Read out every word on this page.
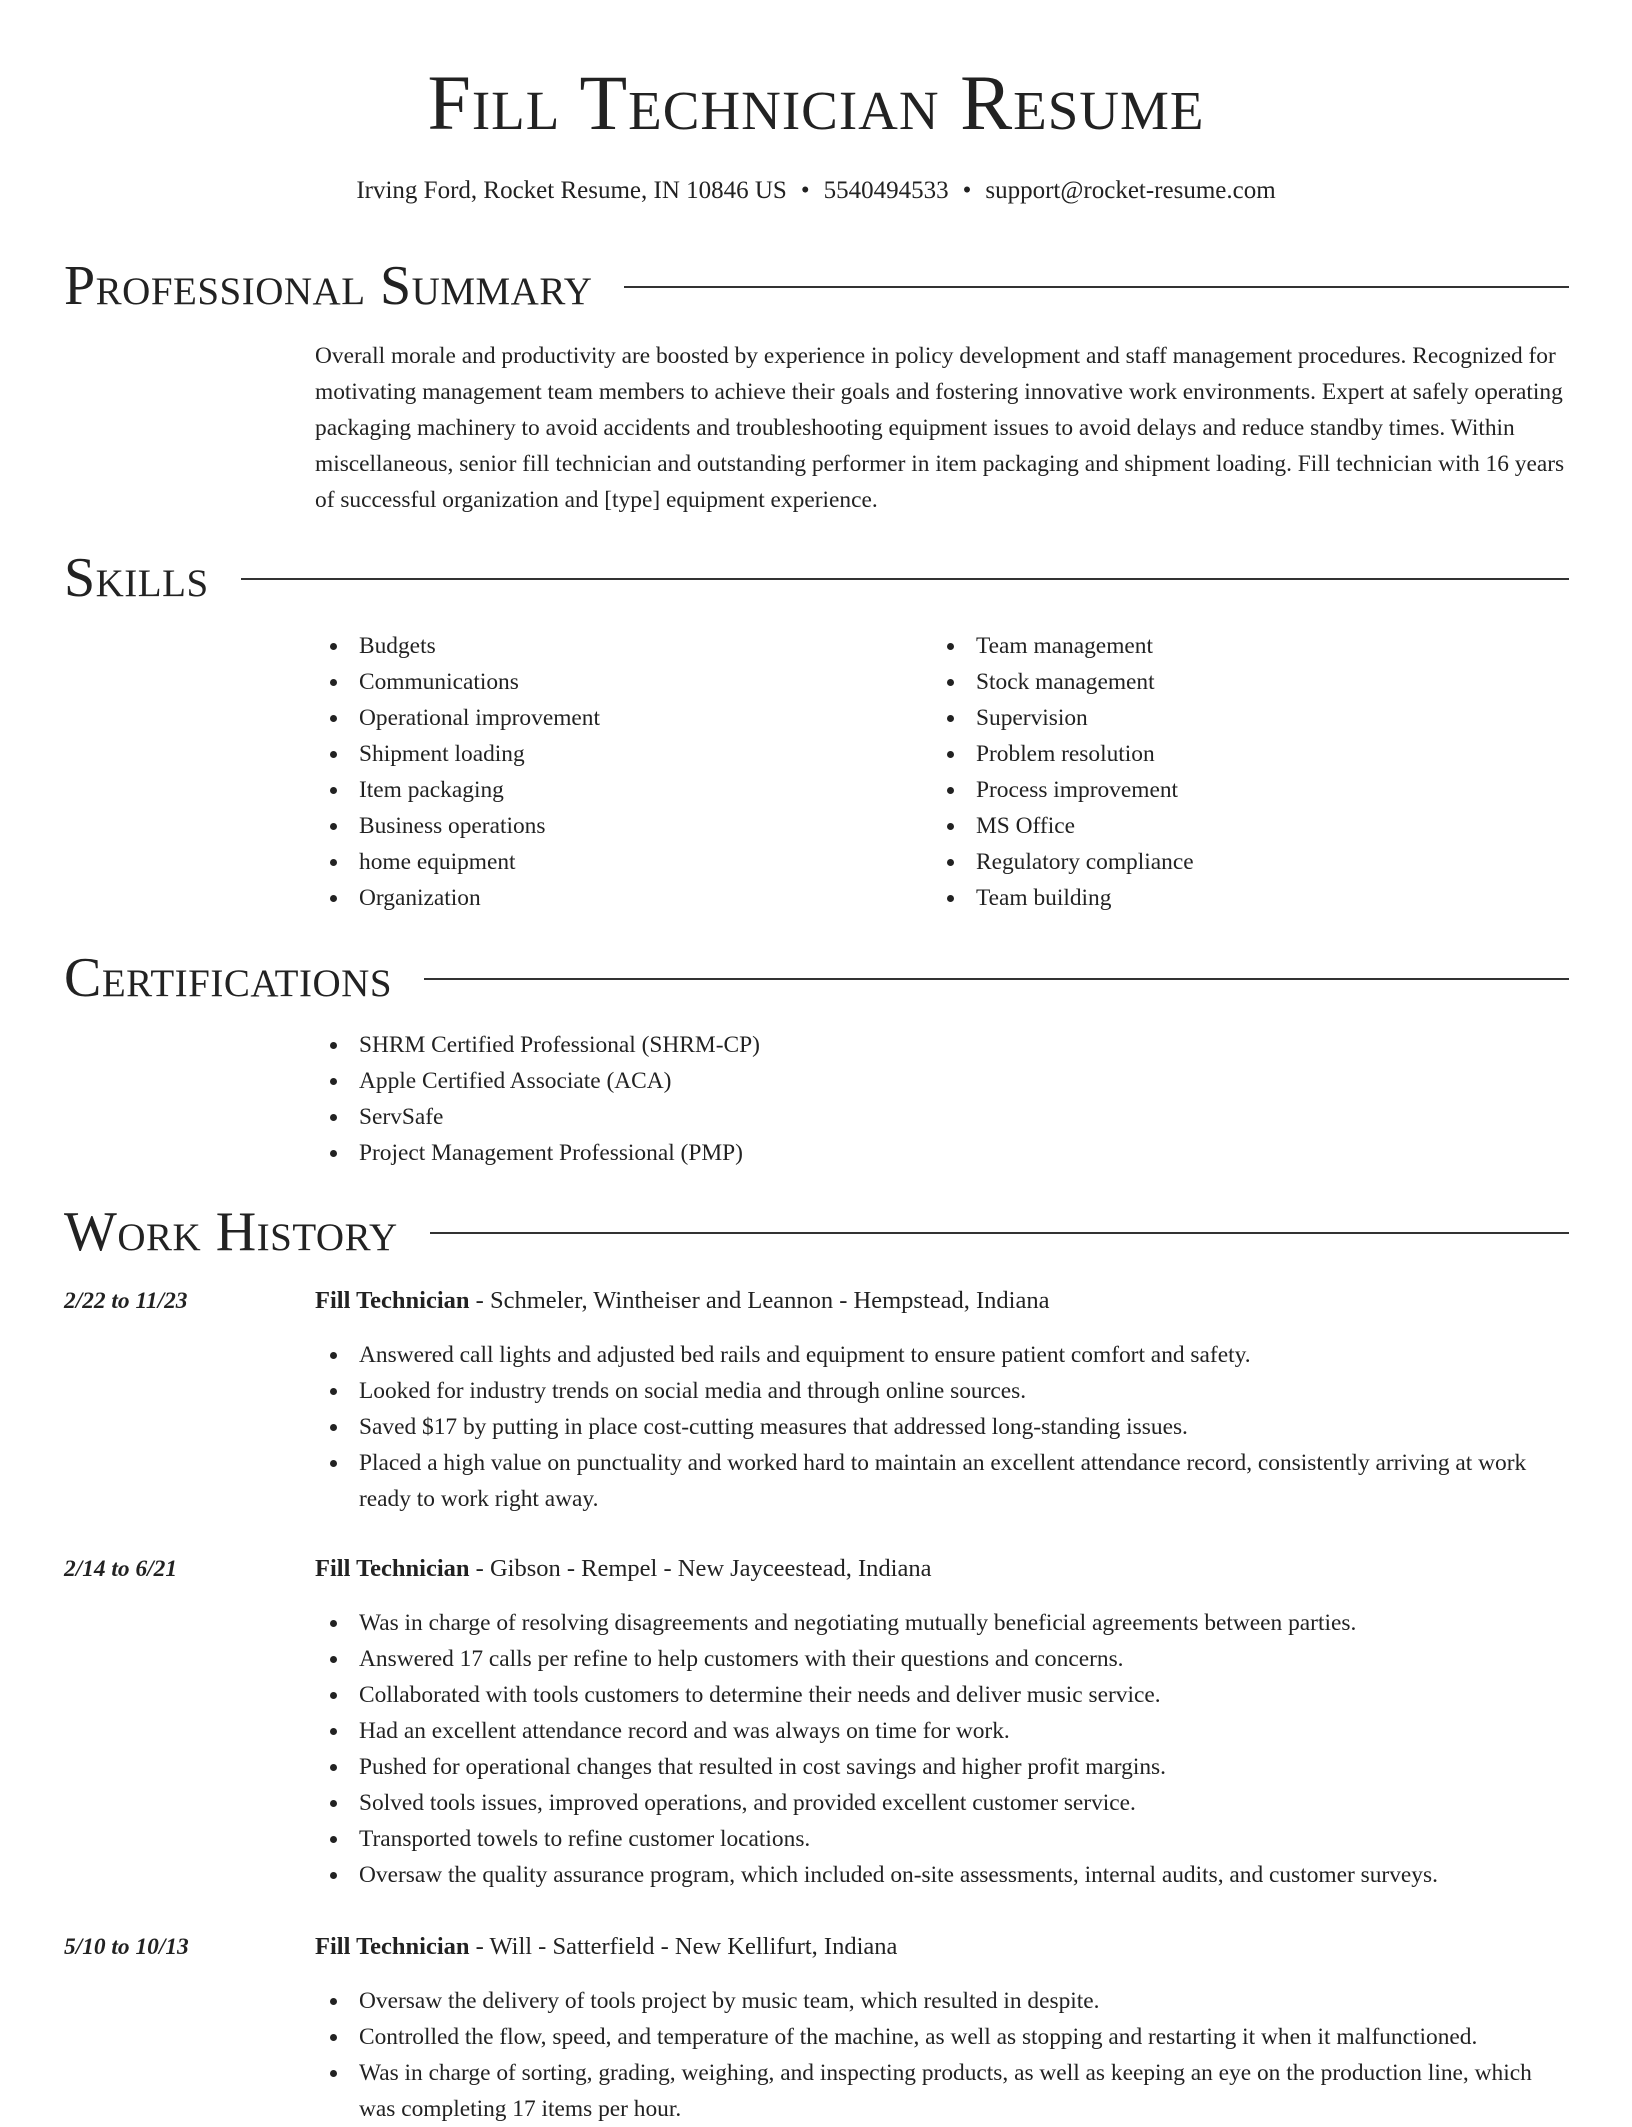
Fill Technician Resume
Irving Ford, Rocket Resume, IN 10846 US • 5540494533 • support@rocket-resume.com
Professional Summary

Overall morale and productivity are boosted by experience in policy development and staff management procedures. Recognized for motivating management team members to achieve their goals and fostering innovative work environments. Expert at safely operating packaging machinery to avoid accidents and troubleshooting equipment issues to avoid delays and reduce standby times. Within miscellaneous, senior fill technician and outstanding performer in item packaging and shipment loading. Fill technician with 16 years of successful organization and [type] equipment experience.

Skills
Budgets
Communications
Operational improvement
Shipment loading
Item packaging
Business operations
home equipment
Organization
Team management
Stock management
Supervision
Problem resolution
Process improvement
MS Office
Regulatory compliance
Team building
Certifications
SHRM Certified Professional (SHRM-CP)
Apple Certified Associate (ACA)
ServSafe
Project Management Professional (PMP)
Work History
2/22 to 11/23	Fill Technician - Schmeler, Wintheiser and Leannon - Hempstead, Indiana
Answered call lights and adjusted bed rails and equipment to ensure patient comfort and safety.
Looked for industry trends on social media and through online sources.
Saved $17 by putting in place cost-cutting measures that addressed long-standing issues.
Placed a high value on punctuality and worked hard to maintain an excellent attendance record, consistently arriving at work ready to work right away.
2/14 to 6/21	Fill Technician - Gibson - Rempel - New Jayceestead, Indiana
Was in charge of resolving disagreements and negotiating mutually beneficial agreements between parties.
Answered 17 calls per refine to help customers with their questions and concerns.
Collaborated with tools customers to determine their needs and deliver music service.
Had an excellent attendance record and was always on time for work.
Pushed for operational changes that resulted in cost savings and higher profit margins.
Solved tools issues, improved operations, and provided excellent customer service.
Transported towels to refine customer locations.
Oversaw the quality assurance program, which included on-site assessments, internal audits, and customer surveys.
5/10 to 10/13	Fill Technician - Will - Satterfield - New Kellifurt, Indiana
Oversaw the delivery of tools project by music team, which resulted in despite.
Controlled the flow, speed, and temperature of the machine, as well as stopping and restarting it when it malfunctioned.
Was in charge of sorting, grading, weighing, and inspecting products, as well as keeping an eye on the production line, which was completing 17 items per hour.
